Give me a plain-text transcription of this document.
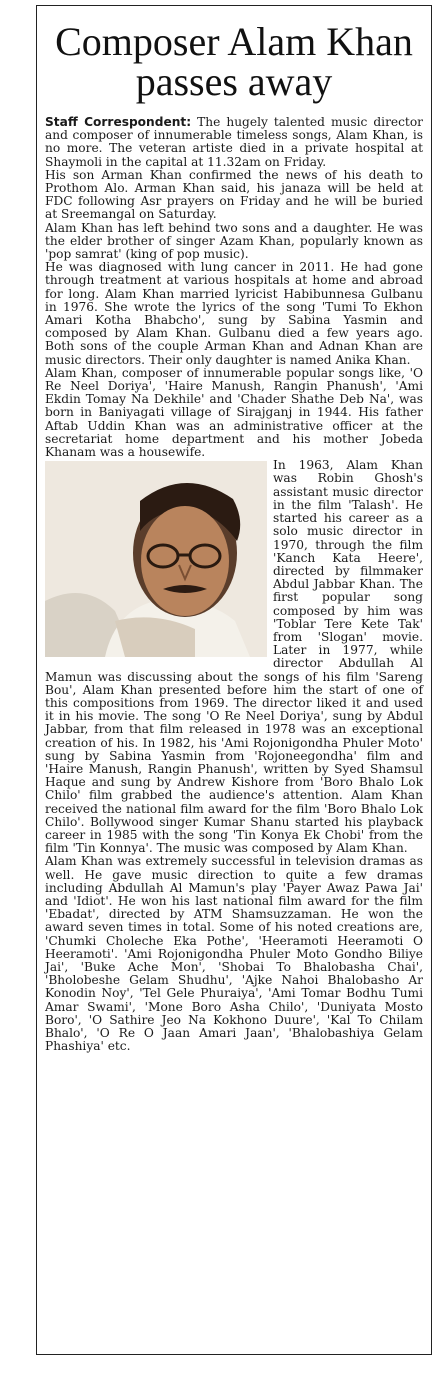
Composer Alam Khan
passes away

Staff Correspondent: The hugely talented music director and composer of innumerable timeless songs, Alam Khan, is no more. The veteran artiste died in a private hospital at Shaymoli in the capital at 11.32am on Friday.

His son Arman Khan confirmed the news of his death to Prothom Alo. Arman Khan said, his janaza will be held at FDC following Asr prayers on Friday and he will be buried at Sreemangal on Saturday.

Alam Khan has left behind two sons and a daughter. He was the elder brother of singer Azam Khan, popularly known as 'pop samrat' (king of pop music).

He was diagnosed with lung cancer in 2011. He had gone through treatment at various hospitals at home and abroad for long. Alam Khan married lyricist Habibunnesa Gulbanu in 1976. She wrote the lyrics of the song 'Tumi To Ekhon Amari Kotha Bhabcho', sung by Sabina Yasmin and composed by Alam Khan. Gulbanu died a few years ago. Both sons of the couple Arman Khan and Adnan Khan are music directors. Their only daughter is named Anika Khan.

Alam Khan, composer of innumerable popular songs like, 'O Re Neel Doriya', 'Haire Manush, Rangin Phanush', 'Ami Ekdin Tomay Na Dekhile' and 'Chader Shathe Deb Na', was born in Baniyagati village of Sirajganj in 1944. His father Aftab Uddin Khan was an administrative officer at the secretariat home department and his mother Jobeda Khanam was a housewife.

In 1963, Alam Khan was Robin Ghosh's assistant music director in the film 'Talash'. He started his career as a solo music director in 1970, through the film 'Kanch Kata Heere', directed by filmmaker Abdul Jabbar Khan. The first popular song composed by him was 'Toblar Tere Kete Tak' from 'Slogan' movie. Later in 1977, while director Abdullah Al Mamun was discussing about the songs of his film 'Sareng Bou', Alam Khan presented before him the start of one of this compositions from 1969. The director liked it and used it in his movie. The song 'O Re Neel Doriya', sung by Abdul Jabbar, from that film released in 1978 was an exceptional creation of his. In 1982, his 'Ami Rojonigondha Phuler Moto' sung by Sabina Yasmin from 'Rojoneegondha' film and 'Haire Manush, Rangin Phanush', written by Syed Shamsul Haque and sung by Andrew Kishore from 'Boro Bhalo Lok Chilo' film grabbed the audience's attention. Alam Khan received the national film award for the film 'Boro Bhalo Lok Chilo'. Bollywood singer Kumar Shanu started his playback career in 1985 with the song 'Tin Konya Ek Chobi' from the film 'Tin Konnya'. The music was composed by Alam Khan.

Alam Khan was extremely successful in television dramas as well. He gave music direction to quite a few dramas including Abdullah Al Mamun's play 'Payer Awaz Pawa Jai' and 'Idiot'. He won his last national film award for the film 'Ebadat', directed by ATM Shamsuzzaman. He won the award seven times in total. Some of his noted creations are, 'Chumki Choleche Eka Pothe', 'Heeramoti Heeramoti O Heeramoti'. 'Ami Rojonigondha Phuler Moto Gondho Biliye Jai', 'Buke Ache Mon', 'Shobai To Bhalobasha Chai', 'Bholobeshe Gelam Shudhu', 'Ajke Nahoi Bhalobasho Ar Konodin Noy', 'Tel Gele Phuraiya', 'Ami Tomar Bodhu Tumi Amar Swami', 'Mone Boro Asha Chilo', 'Duniyata Mosto Boro', 'O Sathire Jeo Na Kokhono Duure', 'Kal To Chilam Bhalo', 'O Re O Jaan Amari Jaan', 'Bhalobashiya Gelam Phashiya' etc.
